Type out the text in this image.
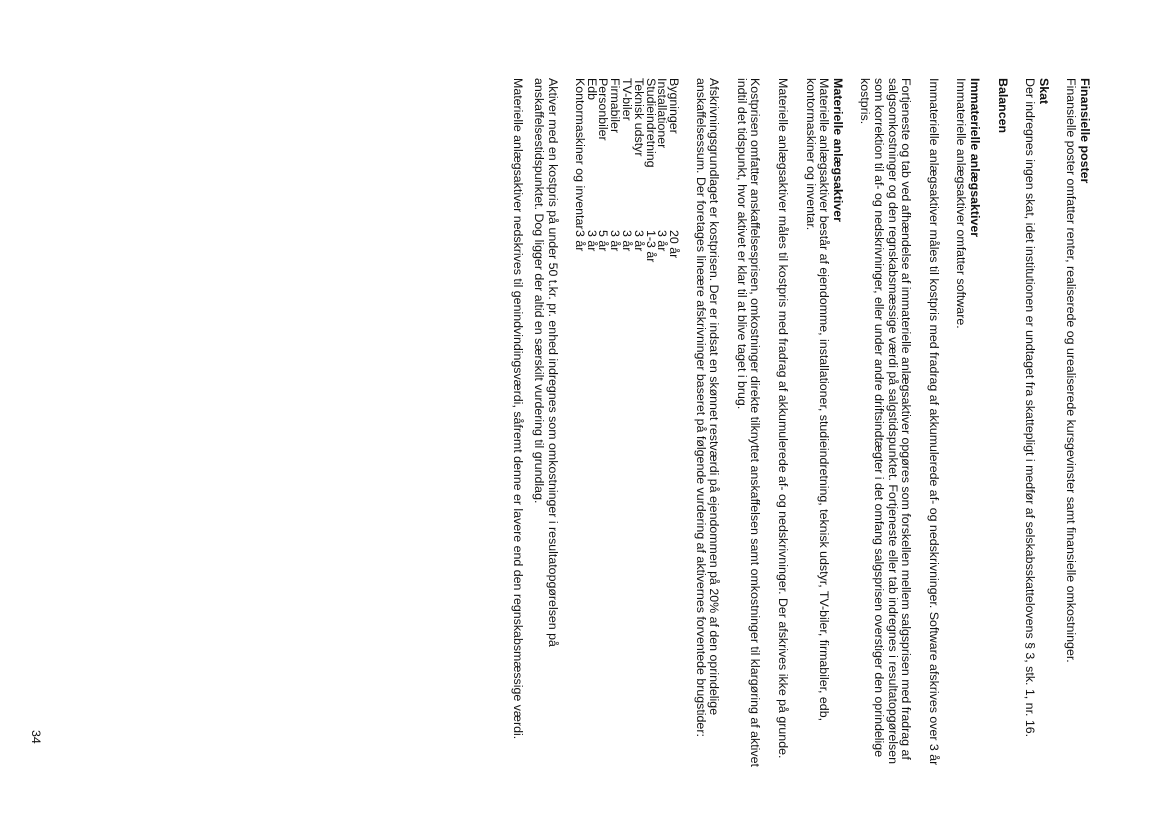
Finansielle poster

Finansielle poster omfatter renter, realiserede og urealiserede kursgevinster samt finansielle omkostninger.

Skat

Der indregnes ingen skat, idet institutionen er undtaget fra skattepligt i medfør af selskabsskattelovens § 3, stk. 1, nr. 16.

Balancen
Immaterielle anlægsaktiver

Immaterielle anlægsaktiver omfatter software.

Immaterielle anlægsaktiver måles til kostpris med fradrag af akkumulerede af- og nedskrivninger. Software afskrives over 3 år

Fortjeneste og tab ved afhændelse af immaterielle anlægsaktiver opgøres som forskellen mellem salgsprisen med fradrag af salgsomkostninger og den regnskabsmæssige værdi på salgstidspunktet. Fortjeneste eller tab indregnes i resultatopgørelsen som korrektion til af- og nedskrivninger, eller under andre driftsindtægter i det omfang salgsprisen overstiger den oprindelige kostpris.

Materielle anlægsaktiver

Materielle anlægsaktiver består af ejendomme, installationer, studieindretning, teknisk udstyr, TV-biler, firmabiler, edb, kontormaskiner og inventar.

Materielle anlægsaktiver måles til kostpris med fradrag af akkumulerede af- og nedskrivninger. Der afskrives ikke på grunde.

Kostprisen omfatter anskaffelsesprisen, omkostninger direkte tilknyttet anskaffelsen samt omkostninger til klargøring af aktivet indtil det tidspunkt, hvor aktivet er klar til at blive taget i brug.

Afskrivningsgrundlaget er kostprisen. Der er indsat en skønnet restværdi på ejendommen på 20% af den oprindelige anskaffelsessum. Der foretages lineære afskrivninger baseret på følgende vurdering af aktivernes forventede brugstider:

Bygninger	20 år
Installationer	3 år
Studieindretning	1-3 år
Teknisk udstyr	3 år
TV-biler	3 år
Firmabiler	3 år
Personbiler	5 år
Edb	3 år
Kontormaskiner og inventar	3 år

Aktiver med en kostpris på under 50 t.kr. pr. enhed indregnes som omkostninger i resultatopgørelsen på anskaffelsestidspunktet. Dog ligger der altid en særskilt vurdering til grundlag.

Materielle anlægsaktiver nedskrives til genindvindingsværdi, såfremt denne er lavere end den regnskabsmæssige værdi.

34
